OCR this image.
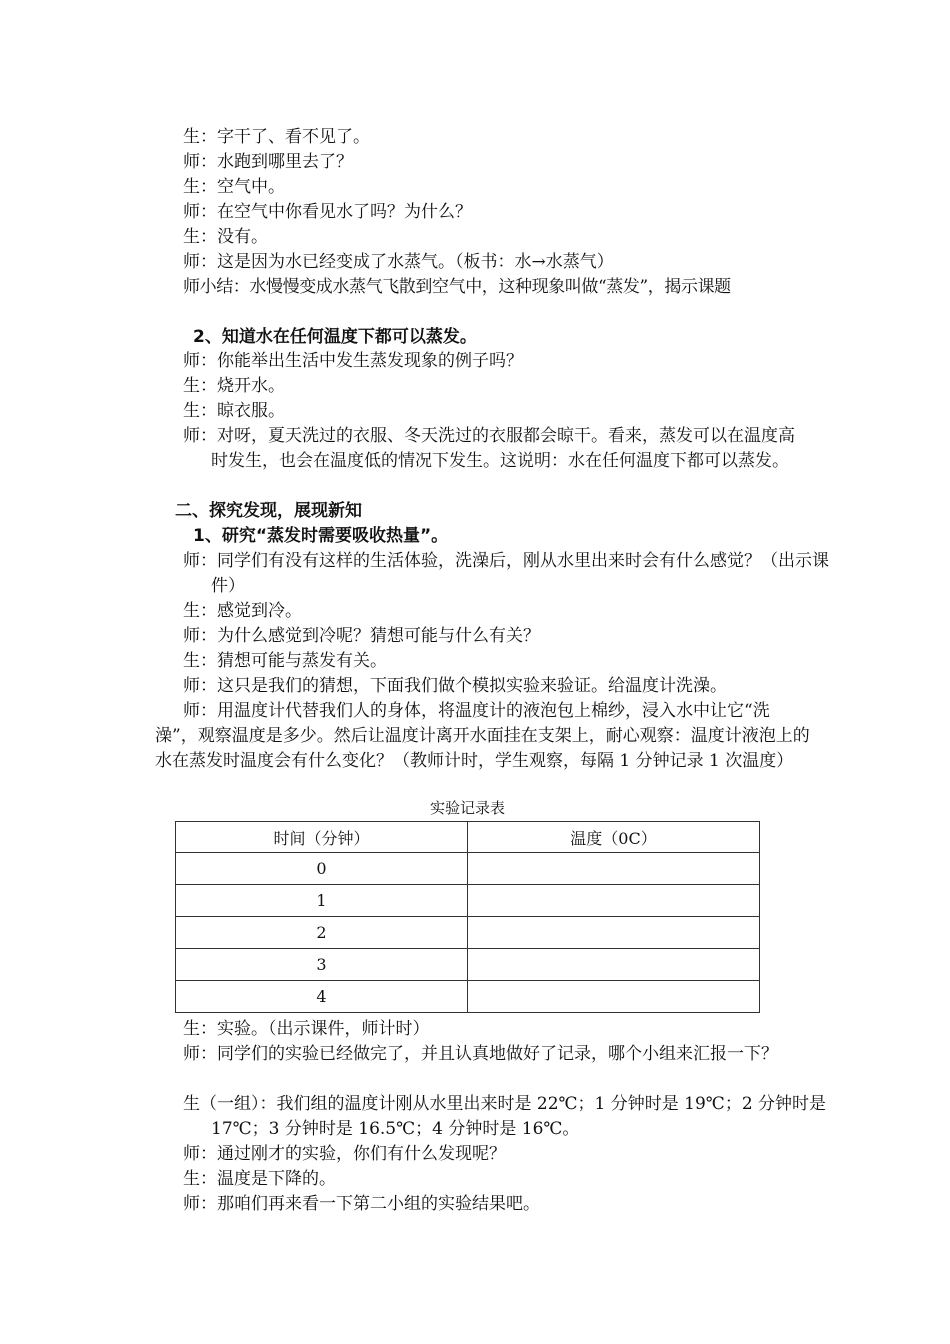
生：字干了、看不见了。
师：水跑到哪里去了？
生：空气中。
师：在空气中你看见水了吗？为什么？
生：没有。
师：这是因为水已经变成了水蒸气。（板书：水→水蒸气）
师小结：水慢慢变成水蒸气飞散到空气中，这种现象叫做“蒸发”，揭示课题
2、知道水在任何温度下都可以蒸发。
师：你能举出生活中发生蒸发现象的例子吗？
生：烧开水。
生：晾衣服。
师：对呀，夏天洗过的衣服、冬天洗过的衣服都会晾干。看来，蒸发可以在温度高时发生，也会在温度低的情况下发生。这说明：水在任何温度下都可以蒸发。
二、探究发现，展现新知
1、研究“蒸发时需要吸收热量”。
师：同学们有没有这样的生活体验，洗澡后，刚从水里出来时会有什么感觉？（出示课件）
生：感觉到冷。
师：为什么感觉到冷呢？猜想可能与什么有关？
生：猜想可能与蒸发有关。
师：这只是我们的猜想，下面我们做个模拟实验来验证。给温度计洗澡。
师：用温度计代替我们人的身体，将温度计的液泡包上棉纱，浸入水中让它“洗澡”，观察温度是多少。然后让温度计离开水面挂在支架上，耐心观察：温度计液泡上的水在蒸发时温度会有什么变化？（教师计时，学生观察，每隔 1 分钟记录 1 次温度）
实验记录表
时间（分钟）	温度（0C）
0	
1	
2	
3	
4	
生：实验。（出示课件，师计时）
师：同学们的实验已经做完了，并且认真地做好了记录，哪个小组来汇报一下？
生（一组）：我们组的温度计刚从水里出来时是 22℃；1 分钟时是 19℃；2 分钟时是 17℃；3 分钟时是 16.5℃；4 分钟时是 16℃。
师：通过刚才的实验，你们有什么发现呢？
生：温度是下降的。
师：那咱们再来看一下第二小组的实验结果吧。
